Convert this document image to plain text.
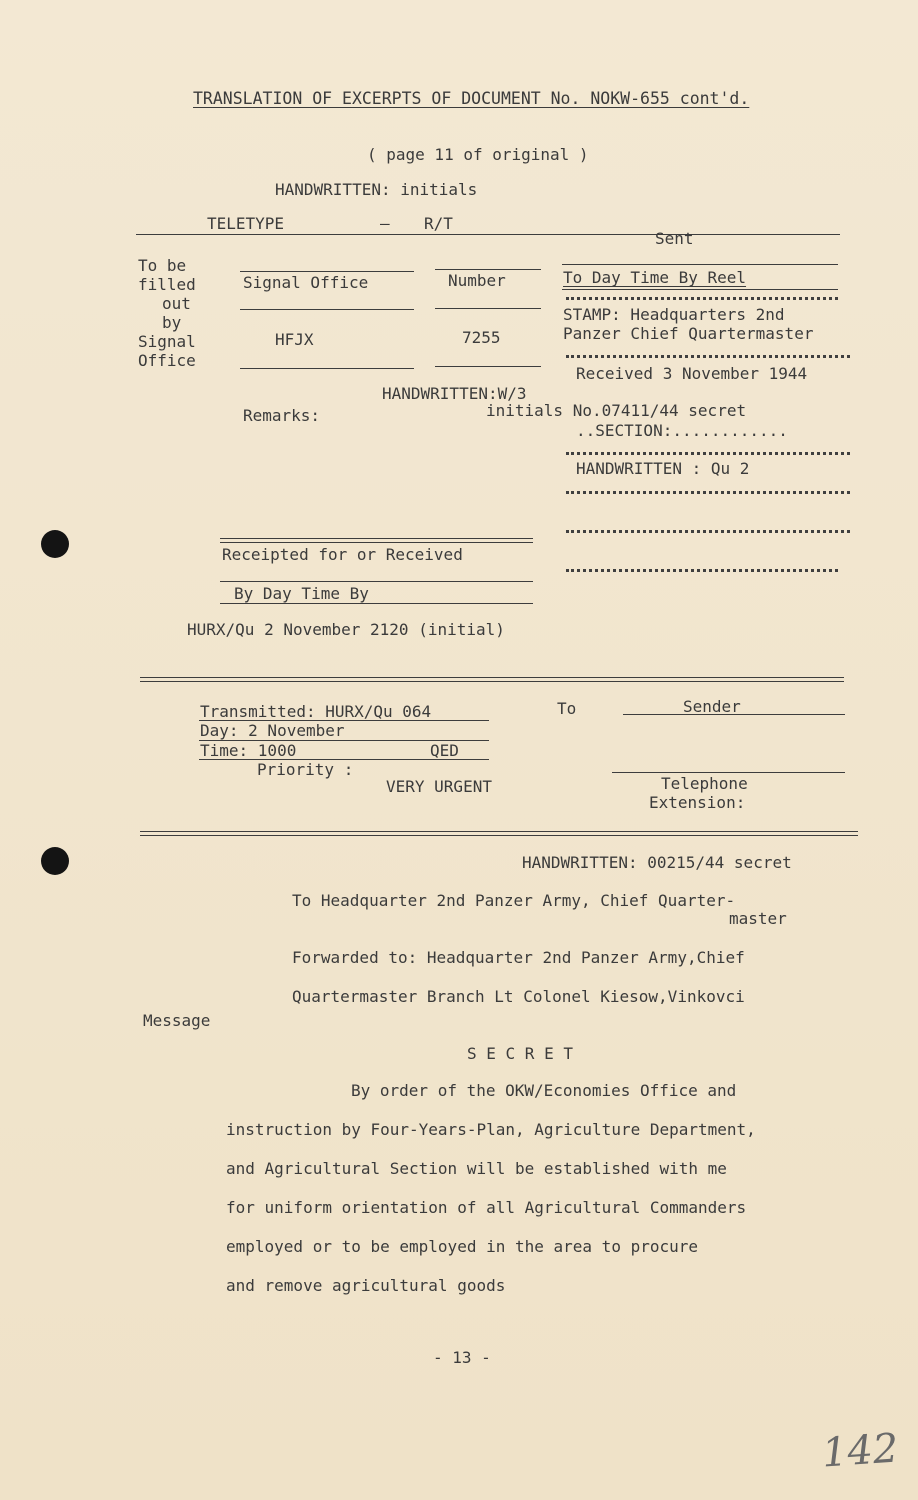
TRANSLATION OF EXCERPTS OF DOCUMENT No. NOKW-655 cont'd.
( page 11 of original )
HANDWRITTEN: initials
TELETYPE	– R/T
Sent
To be
filled
out
by
Signal
Office
Signal Office	Number
HFJX	7255
To Day Time By Reel
STAMP: Headquarters 2nd
Panzer Chief Quartermaster
Received 3 November 1944
HANDWRITTEN:W/3
Remarks:	initials No.07411/44 secret
..SECTION:............
HANDWRITTEN : Qu 2
Receipted for or Received
By Day Time By
HURX/Qu 2 November 2120 (initial)
Transmitted: HURX/Qu 064
Day: 2 November
Time: 1000	QED
Priority :
VERY URGENT
To	Sender
Telephone
Extension:
HANDWRITTEN: 00215/44 secret
To Headquarter 2nd Panzer Army, Chief Quarter-
master
Forwarded to: Headquarter 2nd Panzer Army,Chief
Quartermaster Branch Lt Colonel Kiesow,Vinkovci
Message
S E C R E T
By order of the OKW/Economies Office and
instruction by Four-Years-Plan, Agriculture Department,
and Agricultural Section will be established with me
for uniform orientation of all Agricultural Commanders
employed or to be employed in the area to procure
and remove agricultural goods
- 13 -
142
